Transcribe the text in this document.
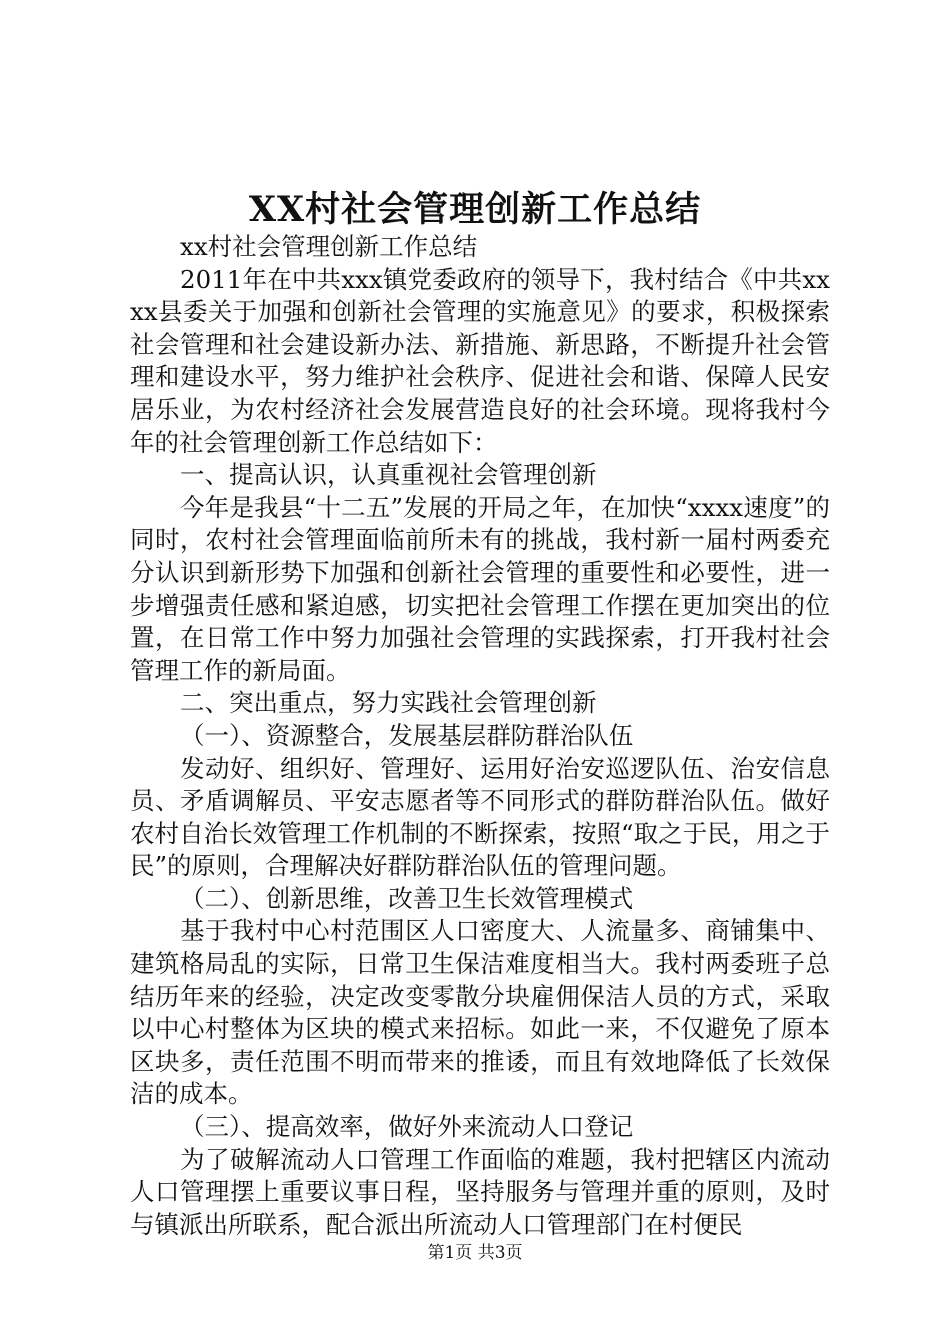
XX村社会管理创新工作总结

xx村社会管理创新工作总结

2011年在中共xxx镇党委政府的领导下，我村结合《中共xxxx县委关于加强和创新社会管理的实施意见》的要求，积极探索社会管理和社会建设新办法、新措施、新思路，不断提升社会管理和建设水平，努力维护社会秩序、促进社会和谐、保障人民安居乐业，为农村经济社会发展营造良好的社会环境。现将我村今年的社会管理创新工作总结如下：

一、提高认识，认真重视社会管理创新

今年是我县“十二五”发展的开局之年，在加快“xxxx速度”的同时，农村社会管理面临前所未有的挑战，我村新一届村两委充分认识到新形势下加强和创新社会管理的重要性和必要性，进一步增强责任感和紧迫感，切实把社会管理工作摆在更加突出的位置，在日常工作中努力加强社会管理的实践探索，打开我村社会管理工作的新局面。

二、突出重点，努力实践社会管理创新

（一）、资源整合，发展基层群防群治队伍

发动好、组织好、管理好、运用好治安巡逻队伍、治安信息员、矛盾调解员、平安志愿者等不同形式的群防群治队伍。做好农村自治长效管理工作机制的不断探索，按照“取之于民，用之于民”的原则，合理解决好群防群治队伍的管理问题。

（二）、创新思维，改善卫生长效管理模式

基于我村中心村范围区人口密度大、人流量多、商铺集中、建筑格局乱的实际，日常卫生保洁难度相当大。我村两委班子总结历年来的经验，决定改变零散分块雇佣保洁人员的方式，采取以中心村整体为区块的模式来招标。如此一来，不仅避免了原本区块多，责任范围不明而带来的推诿，而且有效地降低了长效保洁的成本。

（三）、提高效率，做好外来流动人口登记

为了破解流动人口管理工作面临的难题，我村把辖区内流动人口管理摆上重要议事日程，坚持服务与管理并重的原则，及时与镇派出所联系，配合派出所流动人口管理部门在村便民

第1页 共3页
